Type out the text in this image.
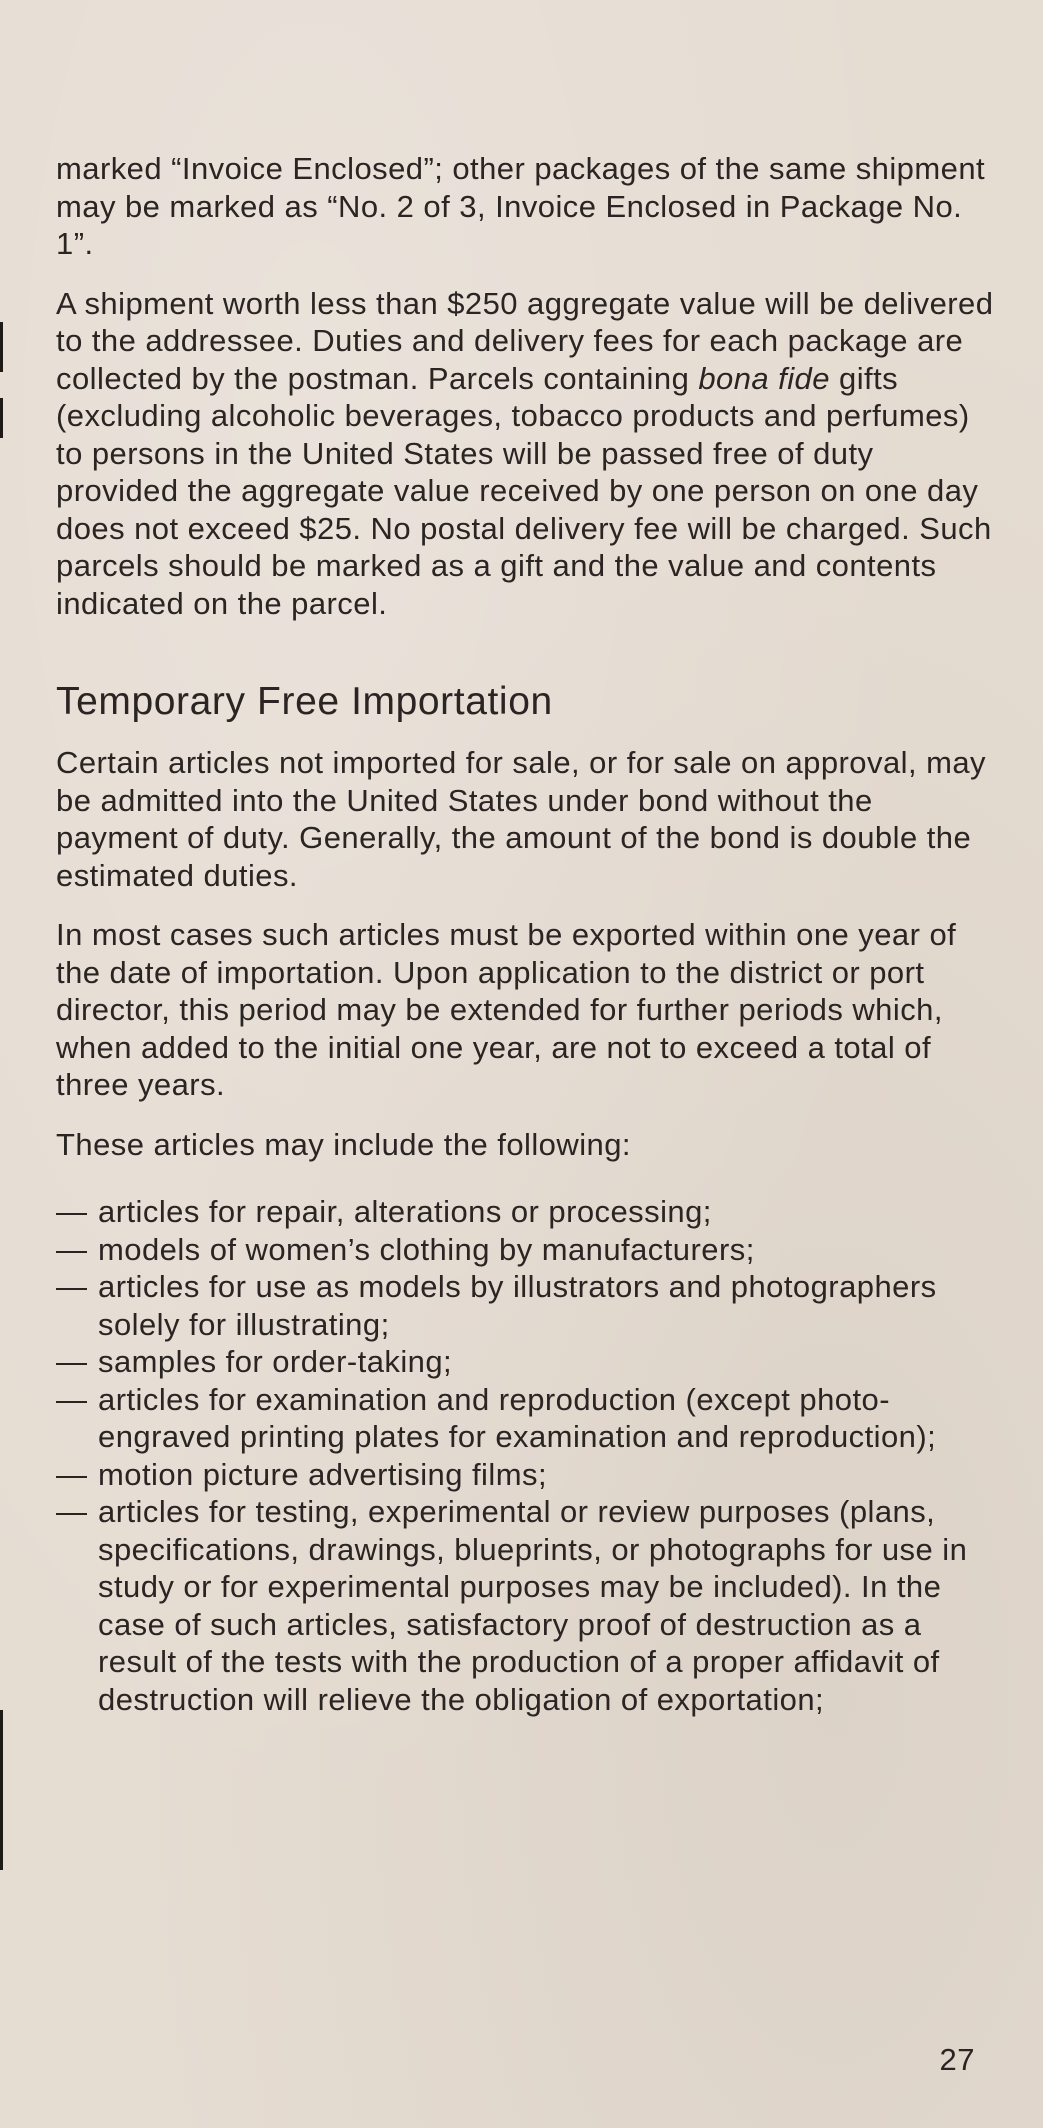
marked “Invoice Enclosed”; other packages of the same shipment may be marked as “No. 2 of 3, Invoice Enclosed in Package No. 1”.

A shipment worth less than $250 aggregate value will be delivered to the addressee. Duties and delivery fees for each package are collected by the postman. Parcels containing bona fide gifts (excluding alcoholic beverages, tobacco products and perfumes) to persons in the United States will be passed free of duty provided the aggregate value received by one person on one day does not exceed $25. No postal delivery fee will be charged. Such parcels should be marked as a gift and the value and contents indicated on the parcel.

Temporary Free Importation

Certain articles not imported for sale, or for sale on approval, may be admitted into the United States under bond without the payment of duty. Generally, the amount of the bond is double the estimated duties.

In most cases such articles must be exported within one year of the date of importation. Upon application to the district or port director, this period may be extended for further periods which, when added to the initial one year, are not to exceed a total of three years.

These articles may include the following:

— articles for repair, alterations or processing;
— models of women’s clothing by manufacturers;
— articles for use as models by illustrators and photographers solely for illustrating;
— samples for order-taking;
— articles for examination and reproduction (except photo-engraved printing plates for examination and reproduction);
— motion picture advertising films;
— articles for testing, experimental or review purposes (plans, specifications, drawings, blueprints, or photographs for use in study or for experimental purposes may be included). In the case of such articles, satisfactory proof of destruction as a result of the tests with the production of a proper affidavit of destruction will relieve the obligation of exportation;
27
